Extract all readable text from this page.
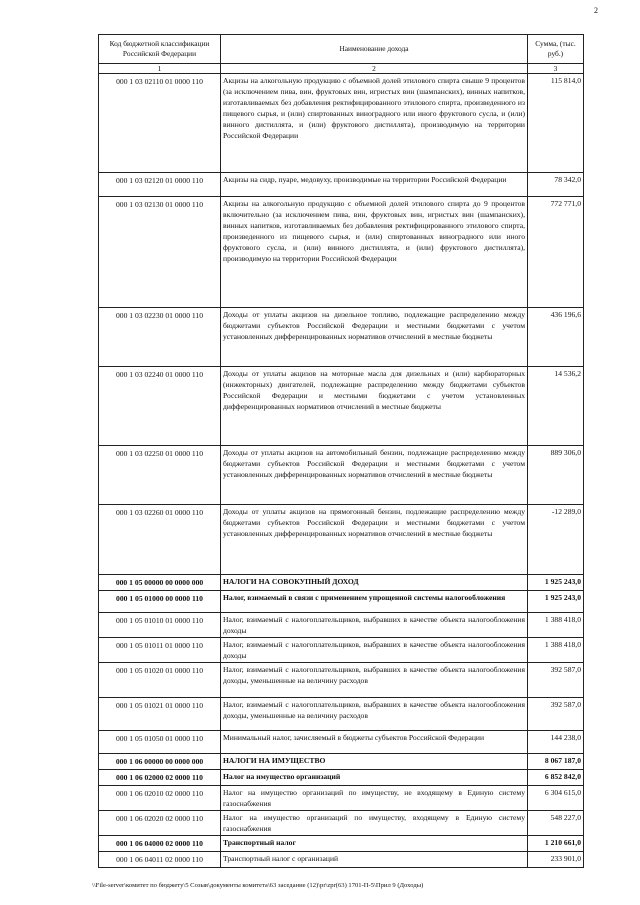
2
Код бюджетной классификации Российской Федерации	Наименование дохода	Сумма, (тыс. руб.)
1	2	3
000 1 03 02110 01 0000 110	Акцизы на алкогольную продукцию с объемной долей этилового спирта свыше 9 процентов (за исключением пива, вин, фруктовых вин, игристых вин (шампанских), винных напитков, изготавливаемых без добавления ректифицированного этилового спирта, произведенного из пищевого сырья, и (или) спиртованных виноградного или иного фруктового сусла, и (или) винного дистиллята, и (или) фруктового дистиллята), производимую на территории Российской Федерации	115 814,0
000 1 03 02120 01 0000 110	Акцизы на сидр, пуаре, медовуху, производимые на территории Российской Федерации	78 342,0
000 1 03 02130 01 0000 110	Акцизы на алкогольную продукцию с объемной долей этилового спирта до 9 процентов включительно (за исключением пива, вин, фруктовых вин, игристых вин (шампанских), винных напитков, изготавливаемых без добавления ректифицированного этилового спирта, произведенного из пищевого сырья, и (или) спиртованных виноградного или иного фруктового сусла, и (или) винного дистиллята, и (или) фруктового дистиллята), производимую на территории Российской Федерации	772 771,0
000 1 03 02230 01 0000 110	Доходы от уплаты акцизов на дизельное топливо, подлежащие распределению между бюджетами субъектов Российской Федерации и местными бюджетами с учетом установленных дифференцированных нормативов отчислений в местные бюджеты	436 196,6
000 1 03 02240 01 0000 110	Доходы от уплаты акцизов на моторные масла для дизельных и (или) карбюраторных (инжекторных) двигателей, подлежащие распределению между бюджетами субъектов Российской Федерации и местными бюджетами с учетом установленных дифференцированных нормативов отчислений в местные бюджеты	14 536,2
000 1 03 02250 01 0000 110	Доходы от уплаты акцизов на автомобильный бензин, подлежащие распределению между бюджетами субъектов Российской Федерации и местными бюджетами с учетом установленных дифференцированных нормативов отчислений в местные бюджеты	889 306,0
000 1 03 02260 01 0000 110	Доходы от уплаты акцизов на прямогонный бензин, подлежащие распределению между бюджетами субъектов Российской Федерации и местными бюджетами с учетом установленных дифференцированных нормативов отчислений в местные бюджеты	-12 289,0
000 1 05 00000 00 0000 000	НАЛОГИ НА СОВОКУПНЫЙ ДОХОД	1 925 243,0
000 1 05 01000 00 0000 110	Налог, взимаемый в связи с применением упрощенной системы налогообложения	1 925 243,0
000 1 05 01010 01 0000 110	Налог, взимаемый с налогоплательщиков, выбравших в качестве объекта налогообложения доходы	1 388 418,0
000 1 05 01011 01 0000 110	Налог, взимаемый с налогоплательщиков, выбравших в качестве объекта налогообложения доходы	1 388 418,0
000 1 05 01020 01 0000 110	Налог, взимаемый с налогоплательщиков, выбравших в качестве объекта налогообложения доходы, уменьшенные на величину расходов	392 587,0
000 1 05 01021 01 0000 110	Налог, взимаемый с налогоплательщиков, выбравших в качестве объекта налогообложения доходы, уменьшенные на величину расходов	392 587,0
000 1 05 01050 01 0000 110	Минимальный налог, зачисляемый в бюджеты субъектов Российской Федерации	144 238,0
000 1 06 00000 00 0000 000	НАЛОГИ НА ИМУЩЕСТВО	8 067 187,0
000 1 06 02000 02 0000 110	Налог на имущество организаций	6 852 842,0
000 1 06 02010 02 0000 110	Налог на имущество организаций по имуществу, не входящему в Единую систему газоснабжения	6 304 615,0
000 1 06 02020 02 0000 110	Налог на имущество организаций по имуществу, входящему в Единую систему газоснабжения	548 227,0
000 1 06 04000 02 0000 110	Транспортный налог	1 210 661,0
000 1 06 04011 02 0000 110	Транспортный налог с организаций	233 901,0
\\File-server\комитет по бюджету\5 Созыв\документы комитета\63 заседание (12)\pr\zpr(63) 1701-П-5\Прил 9 (Доходы)
